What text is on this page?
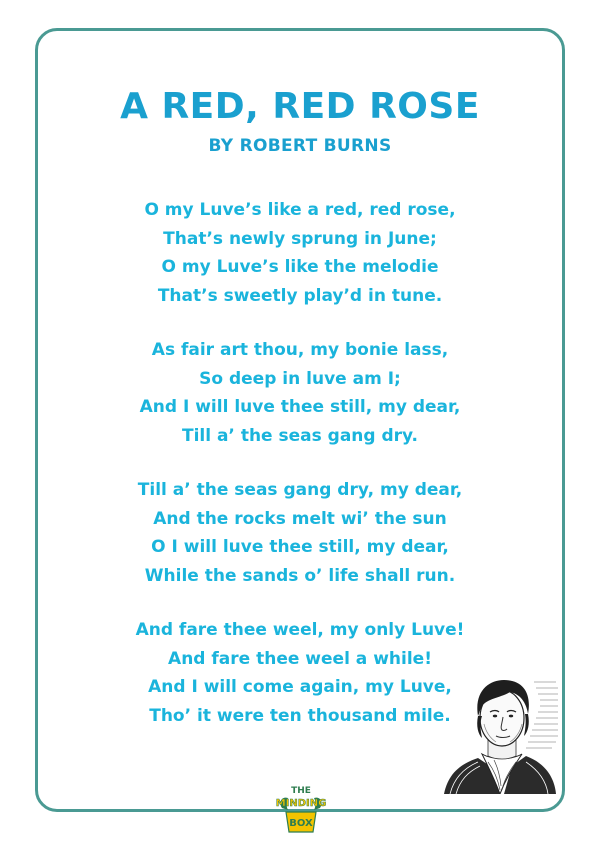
A RED, RED ROSE
BY ROBERT BURNS
O my Luve’s like a red, red rose,
That’s newly sprung in June;
O my Luve’s like the melodie
That’s sweetly play’d in tune.
As fair art thou, my bonie lass,
So deep in luve am I;
And I will luve thee still, my dear,
Till a’ the seas gang dry.
Till a’ the seas gang dry, my dear,
And the rocks melt wi’ the sun
O I will luve thee still, my dear,
While the sands o’ life shall run.
And fare thee weel, my only Luve!
And fare thee weel a while!
And I will come again, my Luve,
Tho’ it were ten thousand mile.
THE
MINDING
BOX
